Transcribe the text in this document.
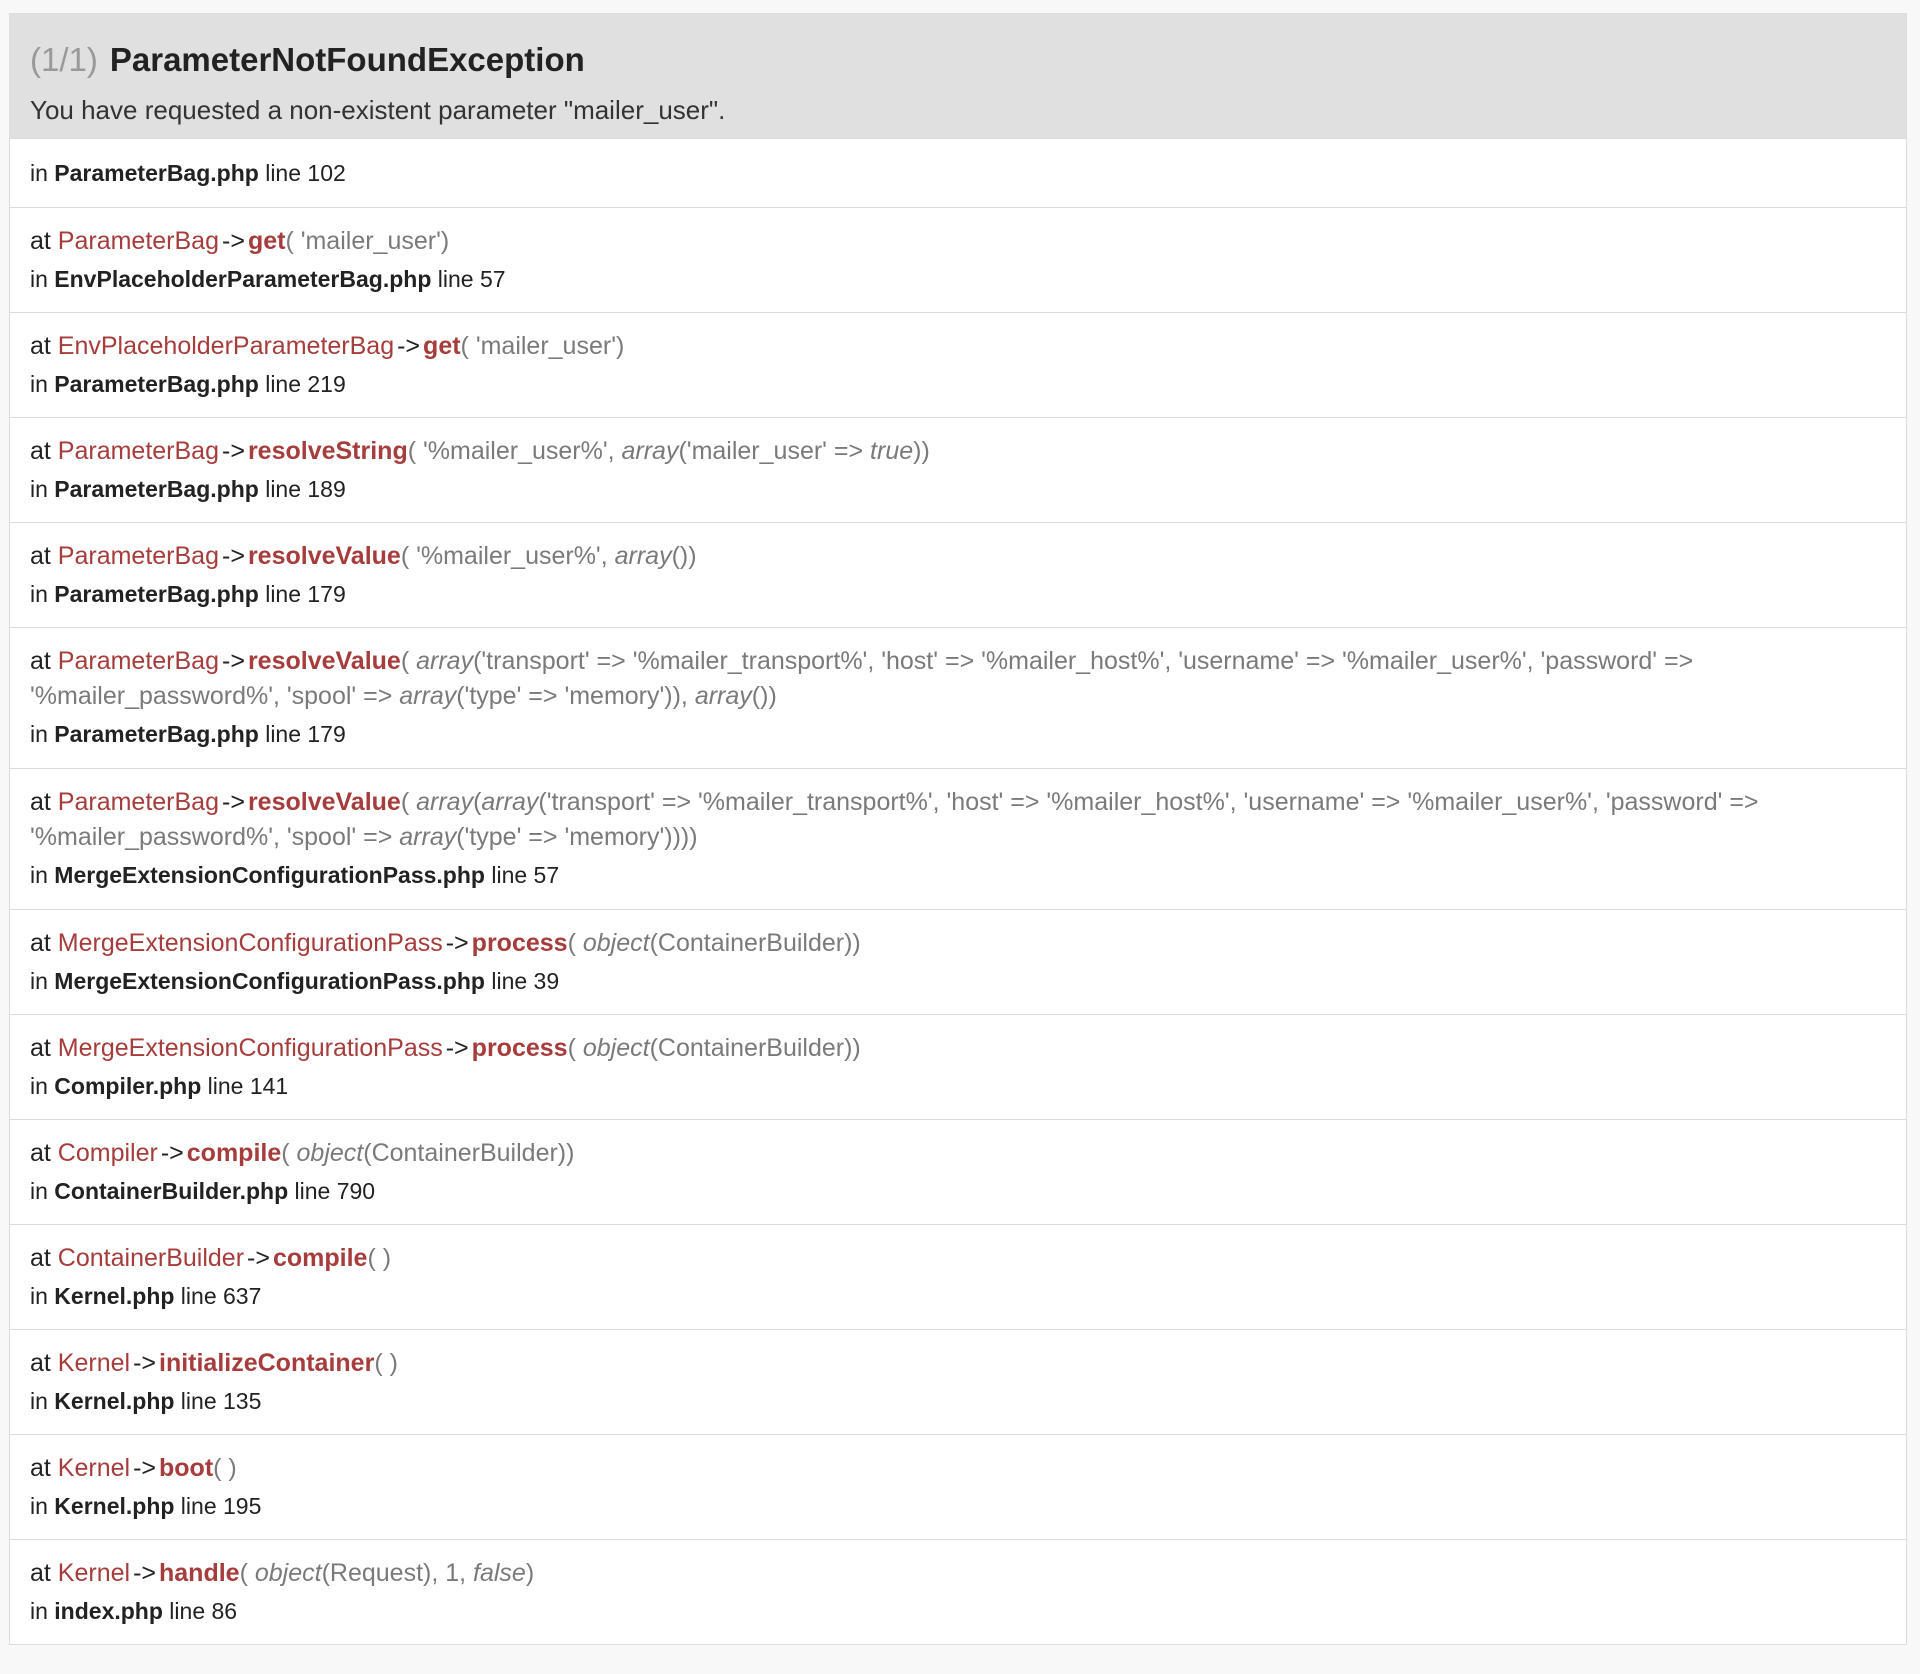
(1/1) ParameterNotFoundException
You have requested a non-existent parameter "mailer_user".
in ParameterBag.php line 102
at ParameterBag -> get( 'mailer_user')
in EnvPlaceholderParameterBag.php line 57
at EnvPlaceholderParameterBag -> get( 'mailer_user')
in ParameterBag.php line 219
at ParameterBag -> resolveString( '%mailer_user%', array('mailer_user' => true))
in ParameterBag.php line 189
at ParameterBag -> resolveValue( '%mailer_user%', array())
in ParameterBag.php line 179
at ParameterBag -> resolveValue( array('transport' => '%mailer_transport%', 'host' => '%mailer_host%', 'username' => '%mailer_user%', 'password' =>
'%mailer_password%', 'spool' => array('type' => 'memory')), array())
in ParameterBag.php line 179
at ParameterBag -> resolveValue( array(array('transport' => '%mailer_transport%', 'host' => '%mailer_host%', 'username' => '%mailer_user%', 'password' =>
'%mailer_password%', 'spool' => array('type' => 'memory'))))
in MergeExtensionConfigurationPass.php line 57
at MergeExtensionConfigurationPass -> process( object(ContainerBuilder))
in MergeExtensionConfigurationPass.php line 39
at MergeExtensionConfigurationPass -> process( object(ContainerBuilder))
in Compiler.php line 141
at Compiler -> compile( object(ContainerBuilder))
in ContainerBuilder.php line 790
at ContainerBuilder -> compile( )
in Kernel.php line 637
at Kernel -> initializeContainer( )
in Kernel.php line 135
at Kernel -> boot( )
in Kernel.php line 195
at Kernel -> handle( object(Request), 1, false)
in index.php line 86
